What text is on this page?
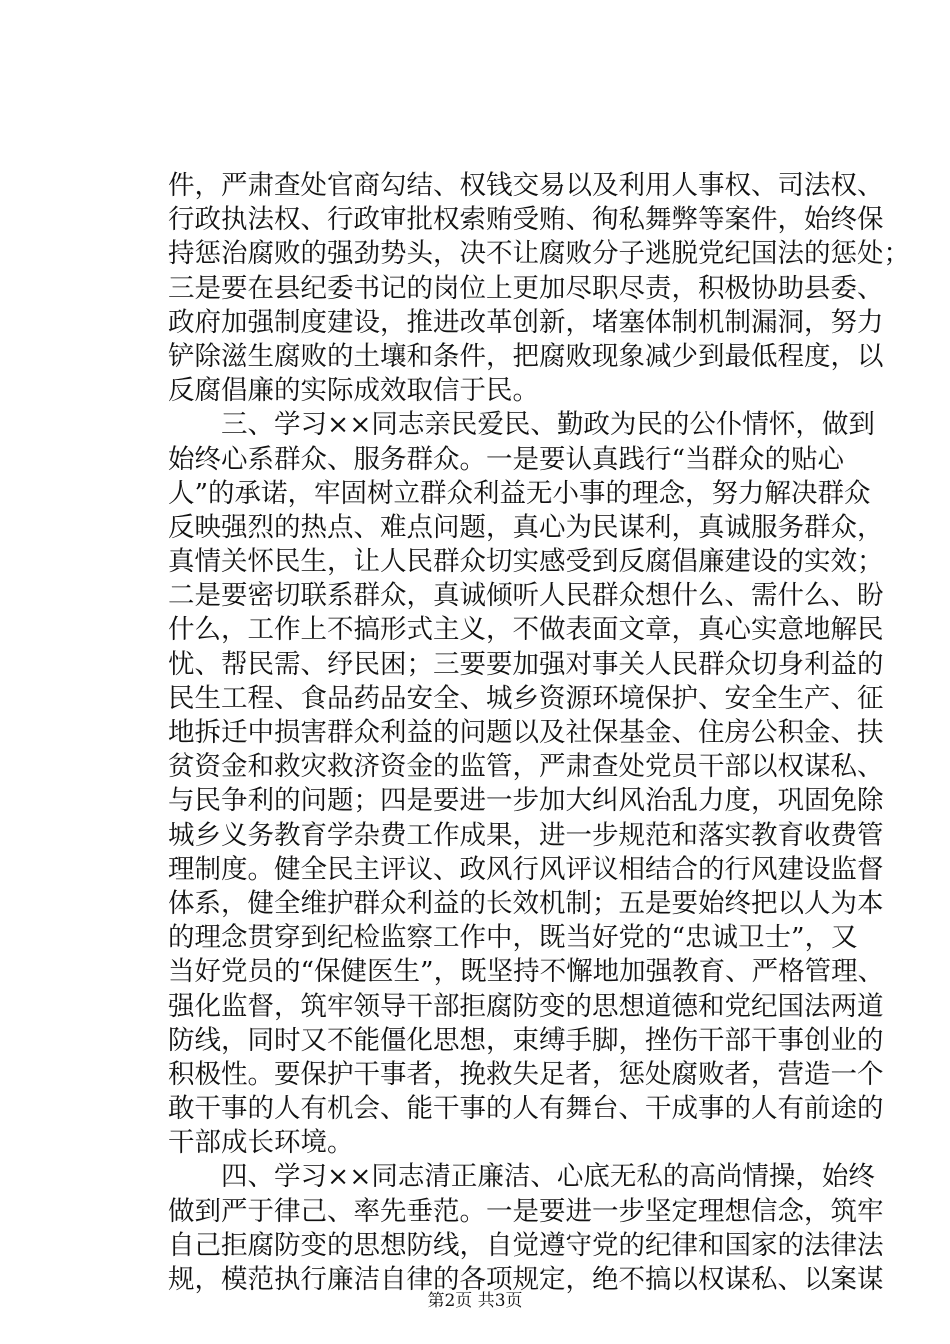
件，严肃查处官商勾结、权钱交易以及利用人事权、司法权、
行政执法权、行政审批权索贿受贿、徇私舞弊等案件，始终保
持惩治腐败的强劲势头，决不让腐败分子逃脱党纪国法的惩处；
三是要在县纪委书记的岗位上更加尽职尽责，积极协助县委、
政府加强制度建设，推进改革创新，堵塞体制机制漏洞，努力
铲除滋生腐败的土壤和条件，把腐败现象减少到最低程度，以
反腐倡廉的实际成效取信于民。
　　三、学习××同志亲民爱民、勤政为民的公仆情怀，做到
始终心系群众、服务群众。一是要认真践行“当群众的贴心
人”的承诺，牢固树立群众利益无小事的理念，努力解决群众
反映强烈的热点、难点问题，真心为民谋利，真诚服务群众，
真情关怀民生，让人民群众切实感受到反腐倡廉建设的实效；
二是要密切联系群众，真诚倾听人民群众想什么、需什么、盼
什么，工作上不搞形式主义，不做表面文章，真心实意地解民
忧、帮民需、纾民困；三要要加强对事关人民群众切身利益的
民生工程、食品药品安全、城乡资源环境保护、安全生产、征
地拆迁中损害群众利益的问题以及社保基金、住房公积金、扶
贫资金和救灾救济资金的监管，严肃查处党员干部以权谋私、
与民争利的问题；四是要进一步加大纠风治乱力度，巩固免除
城乡义务教育学杂费工作成果，进一步规范和落实教育收费管
理制度。健全民主评议、政风行风评议相结合的行风建设监督
体系，健全维护群众利益的长效机制；五是要始终把以人为本
的理念贯穿到纪检监察工作中，既当好党的“忠诚卫士”，又
当好党员的“保健医生”，既坚持不懈地加强教育、严格管理、
强化监督，筑牢领导干部拒腐防变的思想道德和党纪国法两道
防线，同时又不能僵化思想，束缚手脚，挫伤干部干事创业的
积极性。要保护干事者，挽救失足者，惩处腐败者，营造一个
敢干事的人有机会、能干事的人有舞台、干成事的人有前途的
干部成长环境。
　　四、学习××同志清正廉洁、心底无私的高尚情操，始终
做到严于律己、率先垂范。一是要进一步坚定理想信念，筑牢
自己拒腐防变的思想防线，自觉遵守党的纪律和国家的法律法
规，模范执行廉洁自律的各项规定，绝不搞以权谋私、以案谋
第2页 共3页
